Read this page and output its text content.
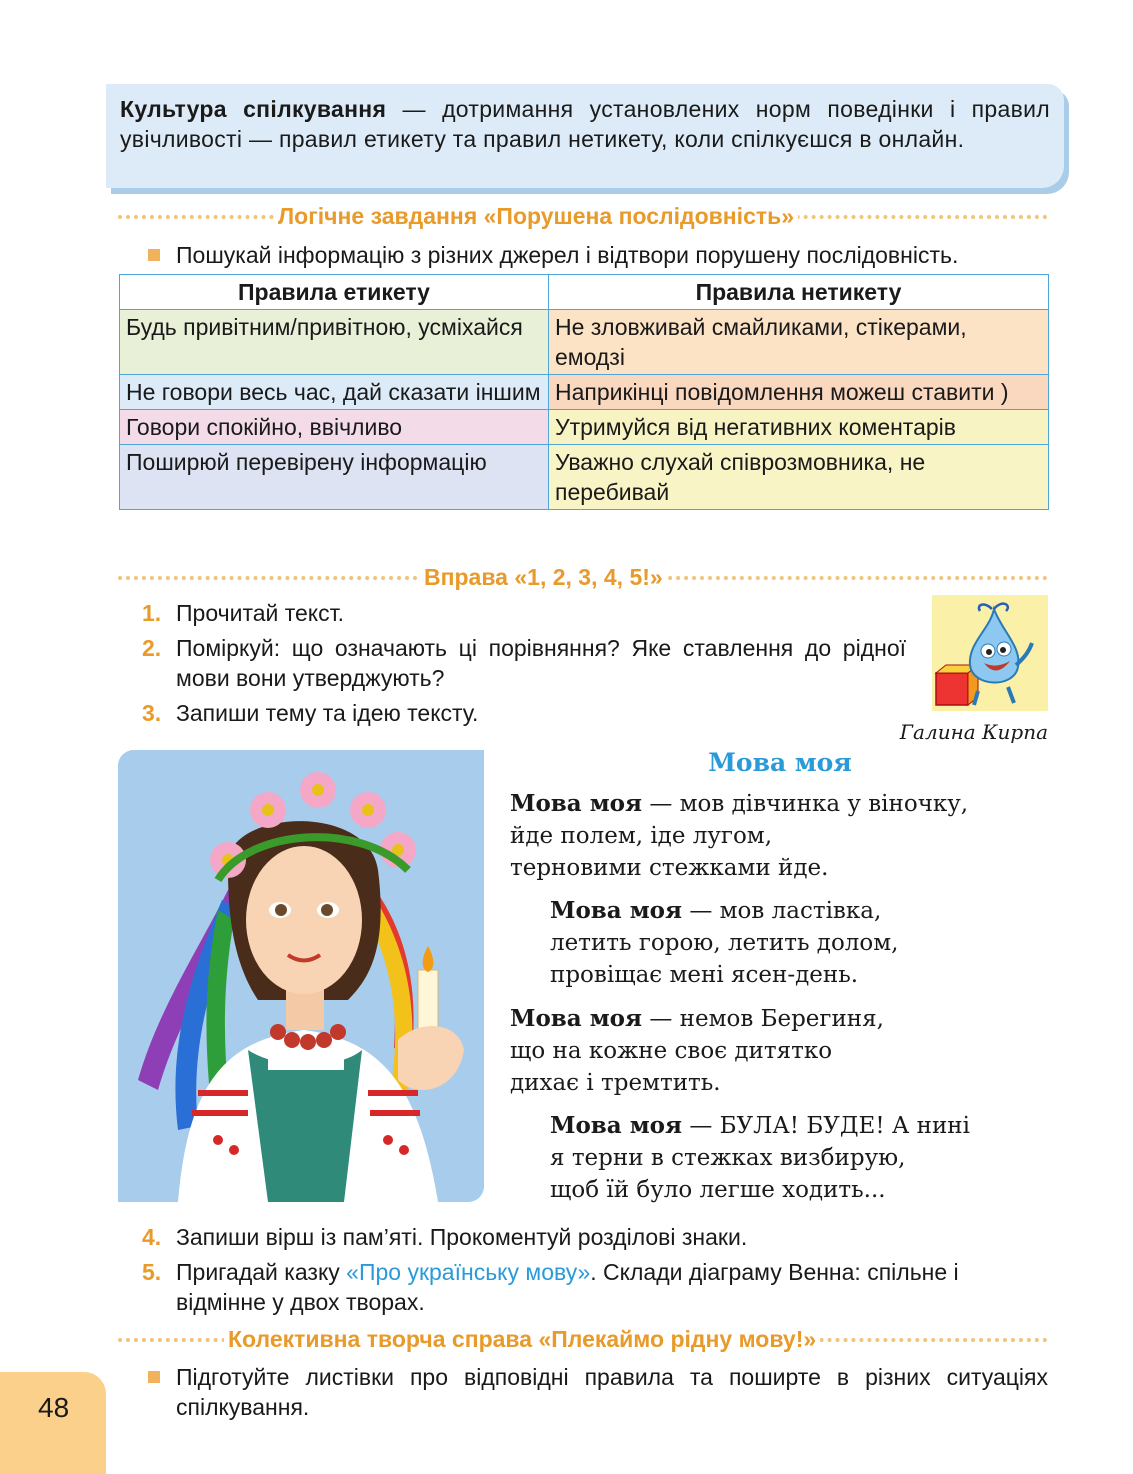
Культура спілкування — дотримання установлених норм поведінки і правил увічливості — правил етикету та правил нетикету, коли спілкуєшся в онлайн.

Логічне завдання «Порушена послідовність»
Пошукай інформацію з різних джерел і відтвори порушену послідовність.
Правила етикету	Правила нетикету
Будь привітним/привітною, усміхайся	Не зловживай смайликами, стікерами, емодзі
Не говори весь час, дай сказати іншим	Наприкінці повідомлення можеш ставити )
Говори спокійно, ввічливо	Утримуйся від негативних коментарів
Поширюй перевірену інформацію	Уважно слухай співрозмовника, не перебивай
Вправа «1, 2, 3, 4, 5!»
1. Прочитай текст.
2. Поміркуй: що означають ці порівняння? Яке ставлення до рідної мови вони утверджують?
3. Запиши тему та ідею тексту.
Галина Кирпа
Мова моя
Мова моя — мов дівчинка у віночку,
йде полем, іде лугом,
терновими стежками йде.
Мова моя — мов ластівка,
летить горою, летить долом,
провіщає мені ясен-день.
Мова моя — немов Берегиня,
що на кожне своє дитятко
дихає і тремтить.
Мова моя — БУЛА! БУДЕ! А нині
я терни в стежках визбирую,
щоб їй було легше ходить...
4. Запиши вірш із пам’яті. Прокоментуй розділові знаки.
5. Пригадай казку «Про українську мову». Склади діаграму Венна: спільне і відмінне у двох творах.
Колективна творча справа «Плекаймо рідну мову!»
Підготуйте листівки про відповідні правила та поширте в різних ситуаціях спілкування.
48
